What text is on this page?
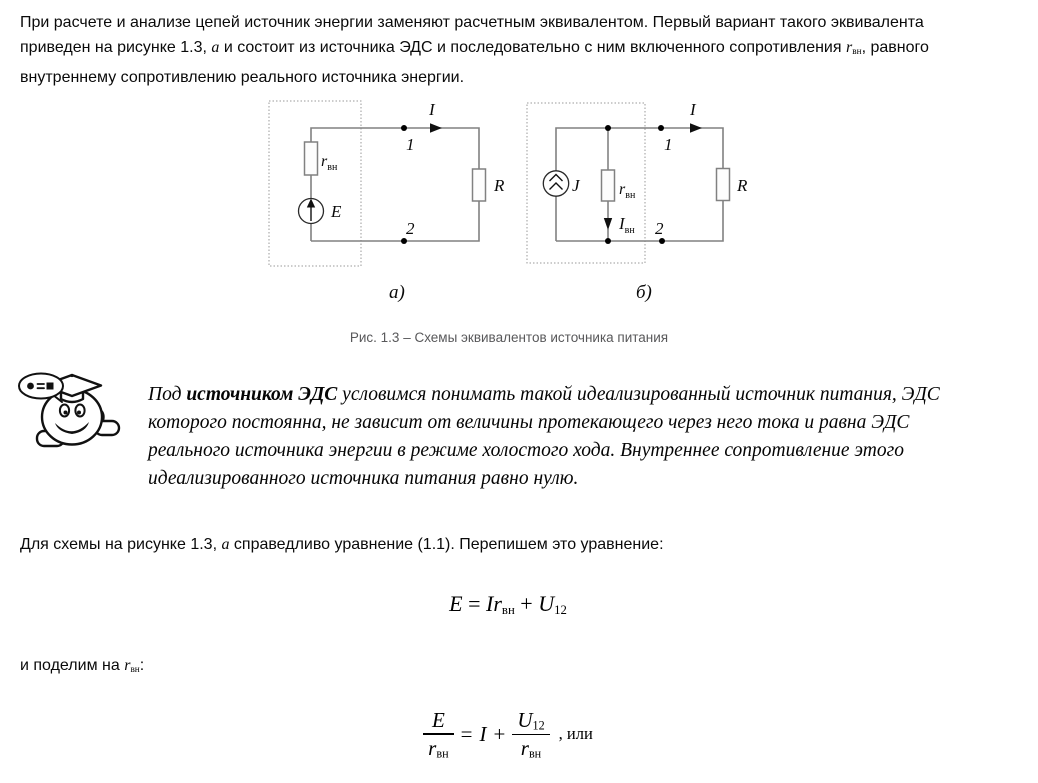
При расчете и анализе цепей источник энергии заменяют расчетным эквивалентом. Первый вариант такого эквивалента
приведен на рисунке 1.3, а и состоит из источника ЭДС и последовательно с ним включенного сопротивления rвн, равного
внутреннему сопротивлению реального источника энергии.
$r_{вн}$
E
1
2
I
R
а)
J $r_{вн}$
$I_{вн}$
1
2
I
R
б)
Рис. 1.3 – Схемы эквивалентов источника питания
Под источником ЭДС условимся понимать такой идеализированный источник питания, ЭДС
которого постоянна, не зависит от величины протекающего через него тока и равна ЭДС
реального источника энергии в режиме холостого хода. Внутреннее сопротивление этого
идеализированного источника питания равно нулю.
Для схемы на рисунке 1.3, а справедливо уравнение (1.1). Перепишем это уравнение:
E = Irвн + U12
и поделим на rвн:
$\frac{E}{\text{rвн}} = I + \frac{U12}{\text{rвн}}$ , или
